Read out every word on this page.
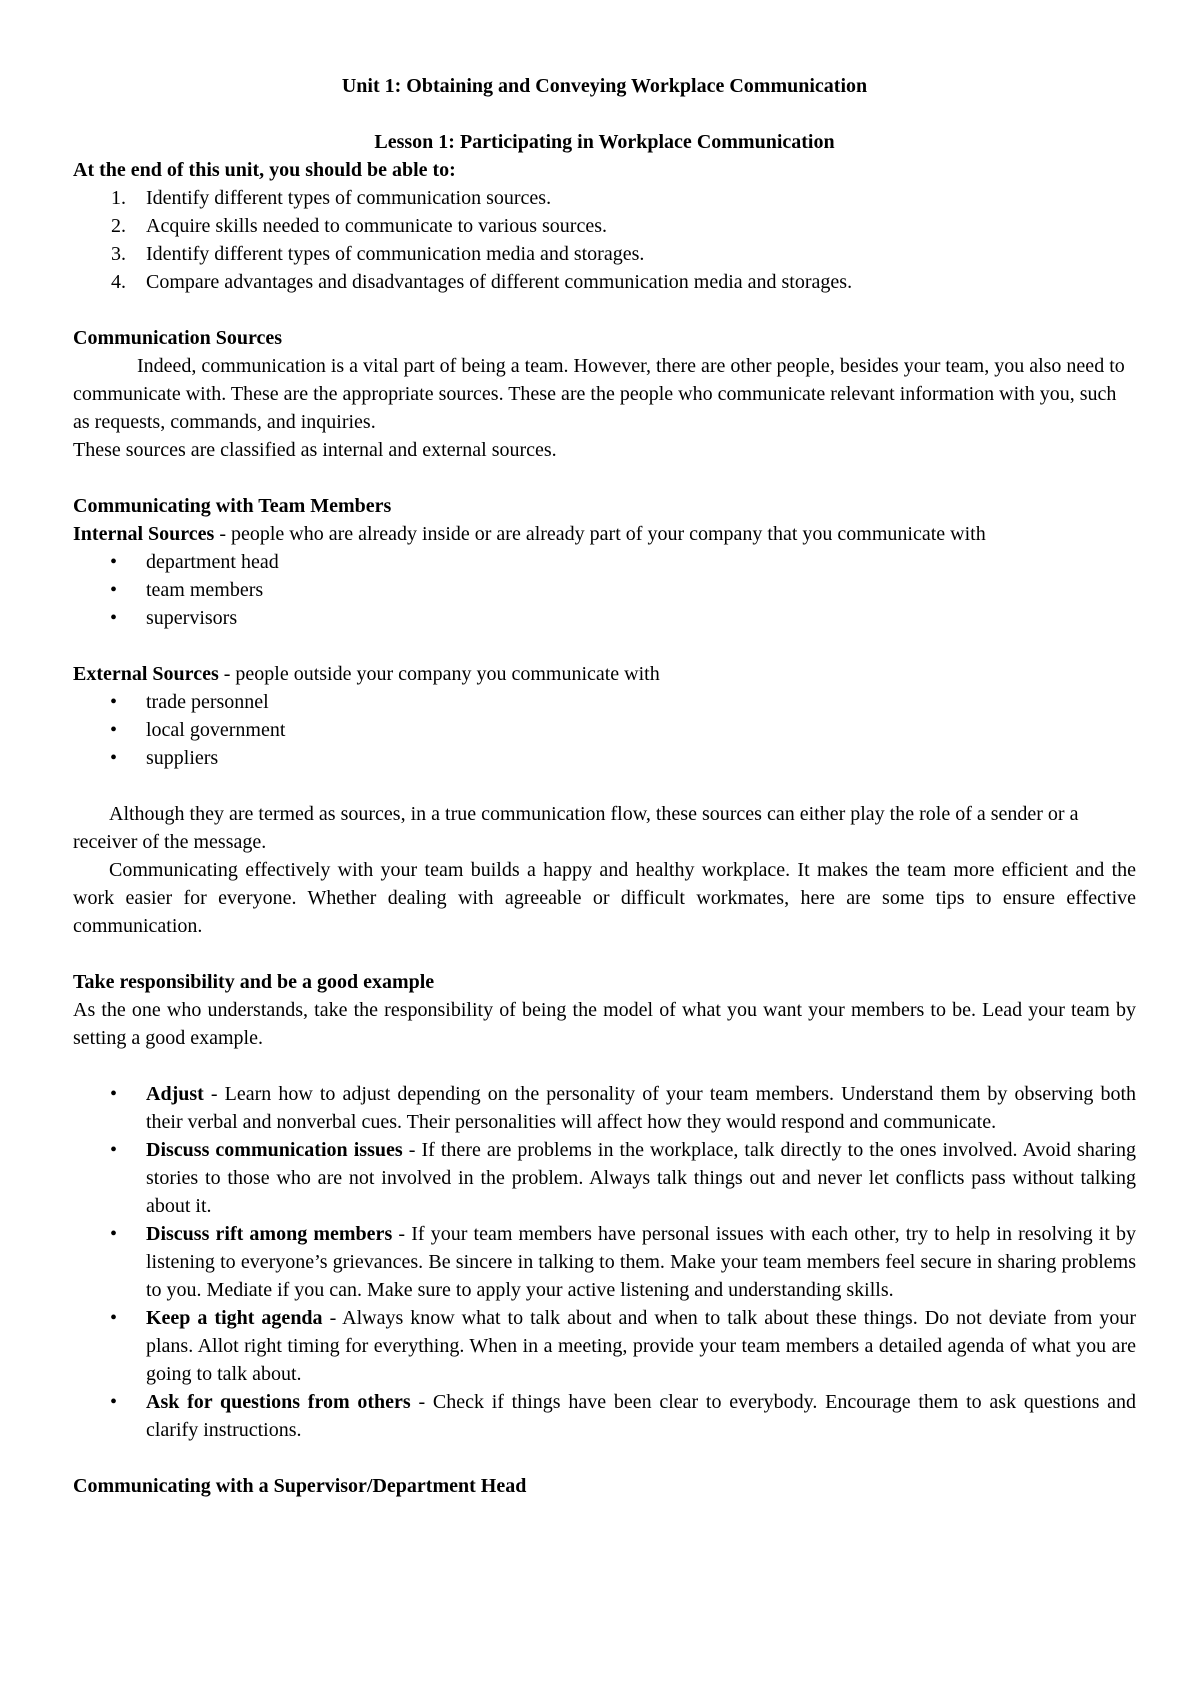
Unit 1: Obtaining and Conveying Workplace Communication

Lesson 1: Participating in Workplace Communication

At the end of this unit, you should be able to:

1. Identify different types of communication sources.
2. Acquire skills needed to communicate to various sources.
3. Identify different types of communication media and storages.
4. Compare advantages and disadvantages of different communication media and storages.

Communication Sources

Indeed, communication is a vital part of being a team. However, there are other people, besides your team, you also need to communicate with. These are the appropriate sources. These are the people who communicate relevant information with you, such as requests, commands, and inquiries.

These sources are classified as internal and external sources.

Communicating with Team Members

Internal Sources - people who are already inside or are already part of your company that you communicate with

• department head
• team members
• supervisors

External Sources - people outside your company you communicate with

• trade personnel
• local government
• suppliers

Although they are termed as sources, in a true communication flow, these sources can either play the role of a sender or a receiver of the message.

Communicating effectively with your team builds a happy and healthy workplace. It makes the team more efficient and the work easier for everyone. Whether dealing with agreeable or difficult workmates, here are some tips to ensure effective communication.

Take responsibility and be a good example

As the one who understands, take the responsibility of being the model of what you want your members to be. Lead your team by setting a good example.

• Adjust - Learn how to adjust depending on the personality of your team members. Understand them by observing both their verbal and nonverbal cues. Their personalities will affect how they would respond and communicate.
• Discuss communication issues - If there are problems in the workplace, talk directly to the ones involved. Avoid sharing stories to those who are not involved in the problem. Always talk things out and never let conflicts pass without talking about it.
• Discuss rift among members - If your team members have personal issues with each other, try to help in resolving it by listening to everyone’s grievances. Be sincere in talking to them. Make your team members feel secure in sharing problems to you. Mediate if you can. Make sure to apply your active listening and understanding skills.
• Keep a tight agenda - Always know what to talk about and when to talk about these things. Do not deviate from your plans. Allot right timing for everything. When in a meeting, provide your team members a detailed agenda of what you are going to talk about.
• Ask for questions from others - Check if things have been clear to everybody. Encourage them to ask questions and clarify instructions.

Communicating with a Supervisor/Department Head
